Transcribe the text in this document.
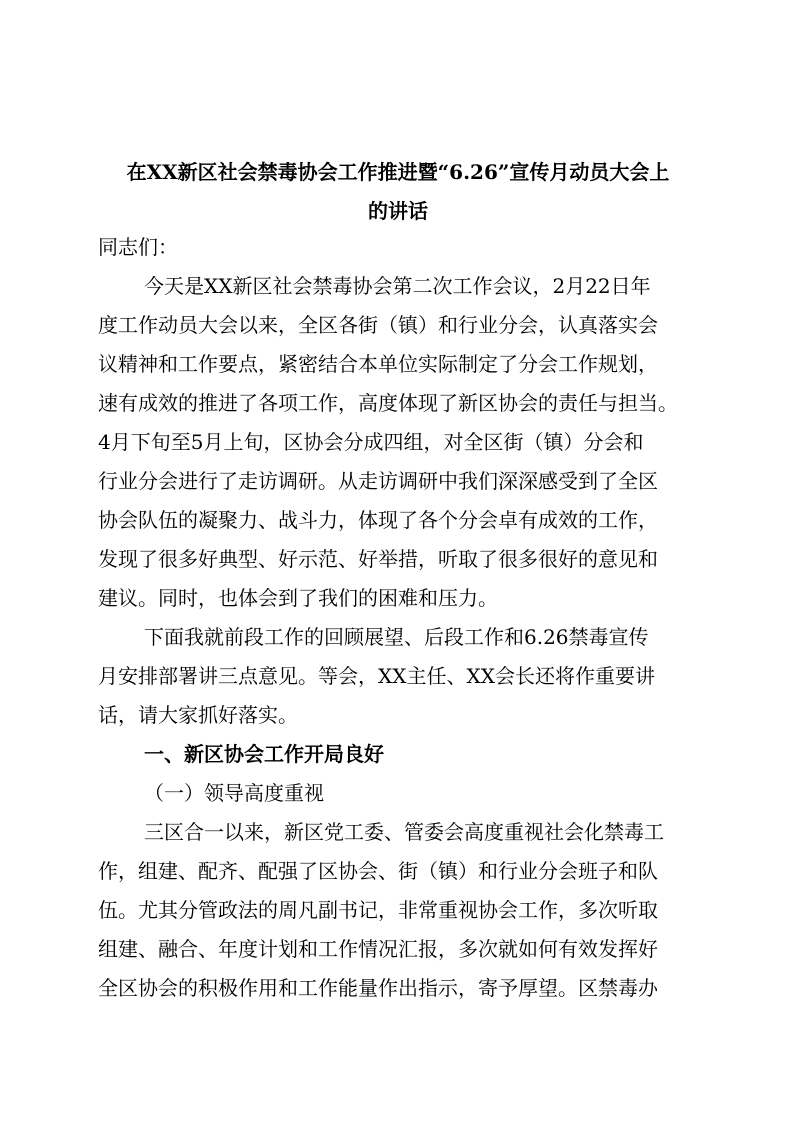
在XX新区社会禁毒协会工作推进暨“6.26”宣传月动员大会上
的讲话
同志们：
今天是XX新区社会禁毒协会第二次工作会议，2月22日年
度工作动员大会以来，全区各街（镇）和行业分会，认真落实会
议精神和工作要点，紧密结合本单位实际制定了分会工作规划，
速有成效的推进了各项工作，高度体现了新区协会的责任与担当。
4月下旬至5月上旬，区协会分成四组，对全区街（镇）分会和
行业分会进行了走访调研。从走访调研中我们深深感受到了全区
协会队伍的凝聚力、战斗力，体现了各个分会卓有成效的工作，
发现了很多好典型、好示范、好举措，听取了很多很好的意见和
建议。同时，也体会到了我们的困难和压力。
下面我就前段工作的回顾展望、后段工作和6.26禁毒宣传
月安排部署讲三点意见。等会，XX主任、XX会长还将作重要讲
话，请大家抓好落实。
一、新区协会工作开局良好
（一）领导高度重视
三区合一以来，新区党工委、管委会高度重视社会化禁毒工
作，组建、配齐、配强了区协会、街（镇）和行业分会班子和队
伍。尤其分管政法的周凡副书记，非常重视协会工作，多次听取
组建、融合、年度计划和工作情况汇报，多次就如何有效发挥好
全区协会的积极作用和工作能量作出指示，寄予厚望。区禁毒办
